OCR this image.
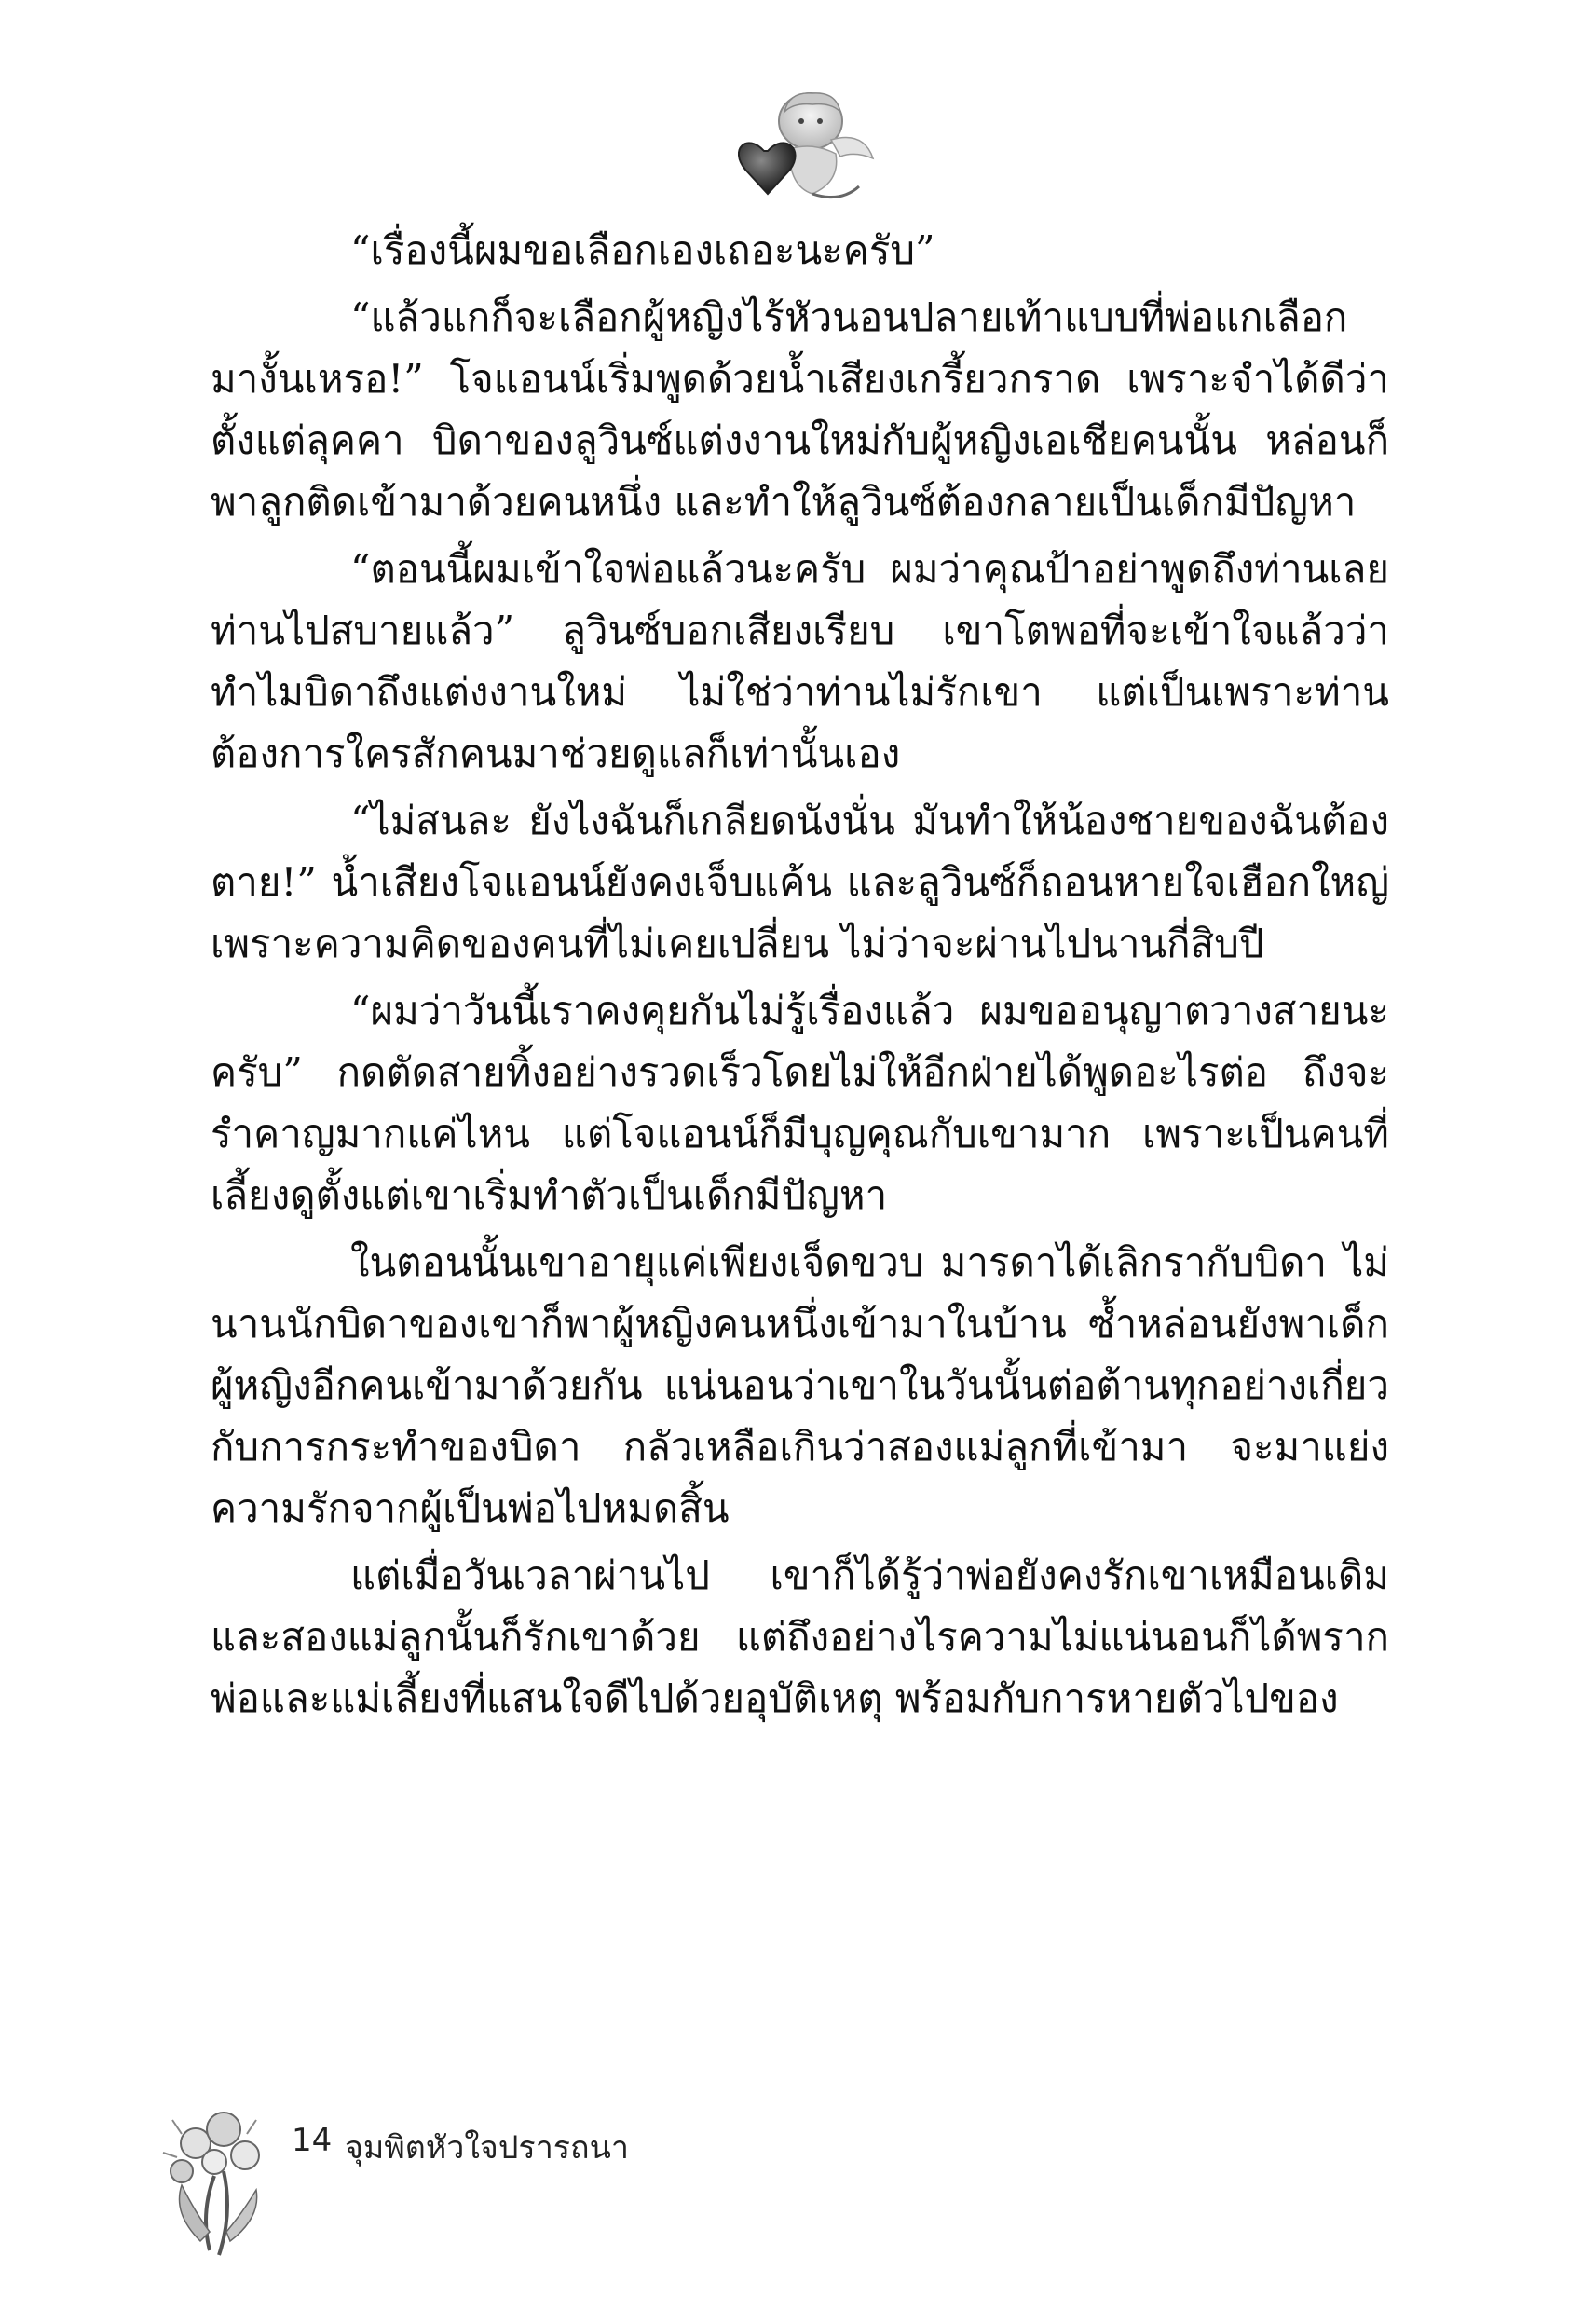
“เรื่องนี้ผมขอเลือกเองเถอะนะครับ”

“แล้วแกก็จะเลือกผู้หญิงไร้หัวนอนปลายเท้าแบบที่พ่อแกเลือกมางั้นเหรอ!” โจแอนน์เริ่มพูดด้วยน้ำเสียงเกรี้ยวกราด เพราะจำได้ดีว่าตั้งแต่ลุคคา บิดาของลูวินซ์แต่งงานใหม่กับผู้หญิงเอเชียคนนั้น หล่อนก็พาลูกติดเข้ามาด้วยคนหนึ่ง และทำให้ลูวินซ์ต้องกลายเป็นเด็กมีปัญหา

“ตอนนี้ผมเข้าใจพ่อแล้วนะครับ ผมว่าคุณป้าอย่าพูดถึงท่านเลย ท่านไปสบายแล้ว” ลูวินซ์บอกเสียงเรียบ เขาโตพอที่จะเข้าใจแล้วว่าทำไมบิดาถึงแต่งงานใหม่ ไม่ใช่ว่าท่านไม่รักเขา แต่เป็นเพราะท่านต้องการใครสักคนมาช่วยดูแลก็เท่านั้นเอง

“ไม่สนละ ยังไงฉันก็เกลียดนังนั่น มันทำให้น้องชายของฉันต้องตาย!” น้ำเสียงโจแอนน์ยังคงเจ็บแค้น และลูวินซ์ก็ถอนหายใจเฮือกใหญ่เพราะความคิดของคนที่ไม่เคยเปลี่ยน ไม่ว่าจะผ่านไปนานกี่สิบปี

“ผมว่าวันนี้เราคงคุยกันไม่รู้เรื่องแล้ว ผมขออนุญาตวางสายนะครับ” กดตัดสายทิ้งอย่างรวดเร็วโดยไม่ให้อีกฝ่ายได้พูดอะไรต่อ ถึงจะรำคาญมากแค่ไหน แต่โจแอนน์ก็มีบุญคุณกับเขามาก เพราะเป็นคนที่เลี้ยงดูตั้งแต่เขาเริ่มทำตัวเป็นเด็กมีปัญหา

ในตอนนั้นเขาอายุแค่เพียงเจ็ดขวบ มารดาได้เลิกรากับบิดา ไม่นานนักบิดาของเขาก็พาผู้หญิงคนหนึ่งเข้ามาในบ้าน ซ้ำหล่อนยังพาเด็กผู้หญิงอีกคนเข้ามาด้วยกัน แน่นอนว่าเขาในวันนั้นต่อต้านทุกอย่างเกี่ยวกับการกระทำของบิดา กลัวเหลือเกินว่าสองแม่ลูกที่เข้ามา จะมาแย่งความรักจากผู้เป็นพ่อไปหมดสิ้น

แต่เมื่อวันเวลาผ่านไป เขาก็ได้รู้ว่าพ่อยังคงรักเขาเหมือนเดิม และสองแม่ลูกนั้นก็รักเขาด้วย แต่ถึงอย่างไรความไม่แน่นอนก็ได้พรากพ่อและแม่เลี้ยงที่แสนใจดีไปด้วยอุบัติเหตุ พร้อมกับการหายตัวไปของ

14 จุมพิตหัวใจปรารถนา
